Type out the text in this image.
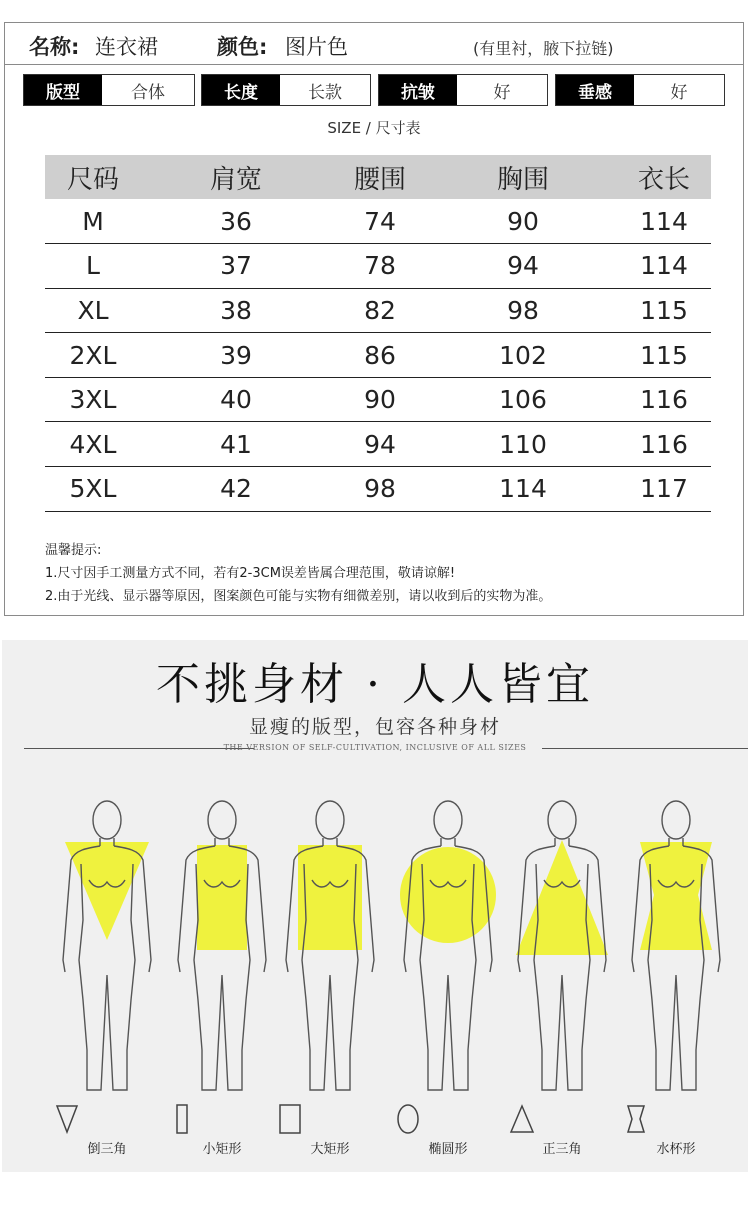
名称: 连衣裙	颜色: 图片色	(有里衬，腋下拉链)
版型	合体	长度	长款	抗皱	好	垂感	好
SIZE / 尺寸表
尺码	肩宽	腰围	胸围	衣长
M	36	74	90	114
L	37	78	94	114
XL	38	82	98	115
2XL	39	86	102	115
3XL	40	90	106	116
4XL	41	94	110	116
5XL	42	98	114	117
温馨提示:
1.尺寸因手工测量方式不同，若有2-3CM误差皆属合理范围，敬请谅解!
2.由于光线、显示器等原因，图案颜色可能与实物有细微差别，请以收到后的实物为准。
不挑身材 · 人人皆宜
显瘦的版型，包容各种身材
THE VERSION OF SELF-CULTIVATION, INCLUSIVE OF ALL SIZES
倒三角	小矩形	大矩形	椭圆形	正三角	水杯形
